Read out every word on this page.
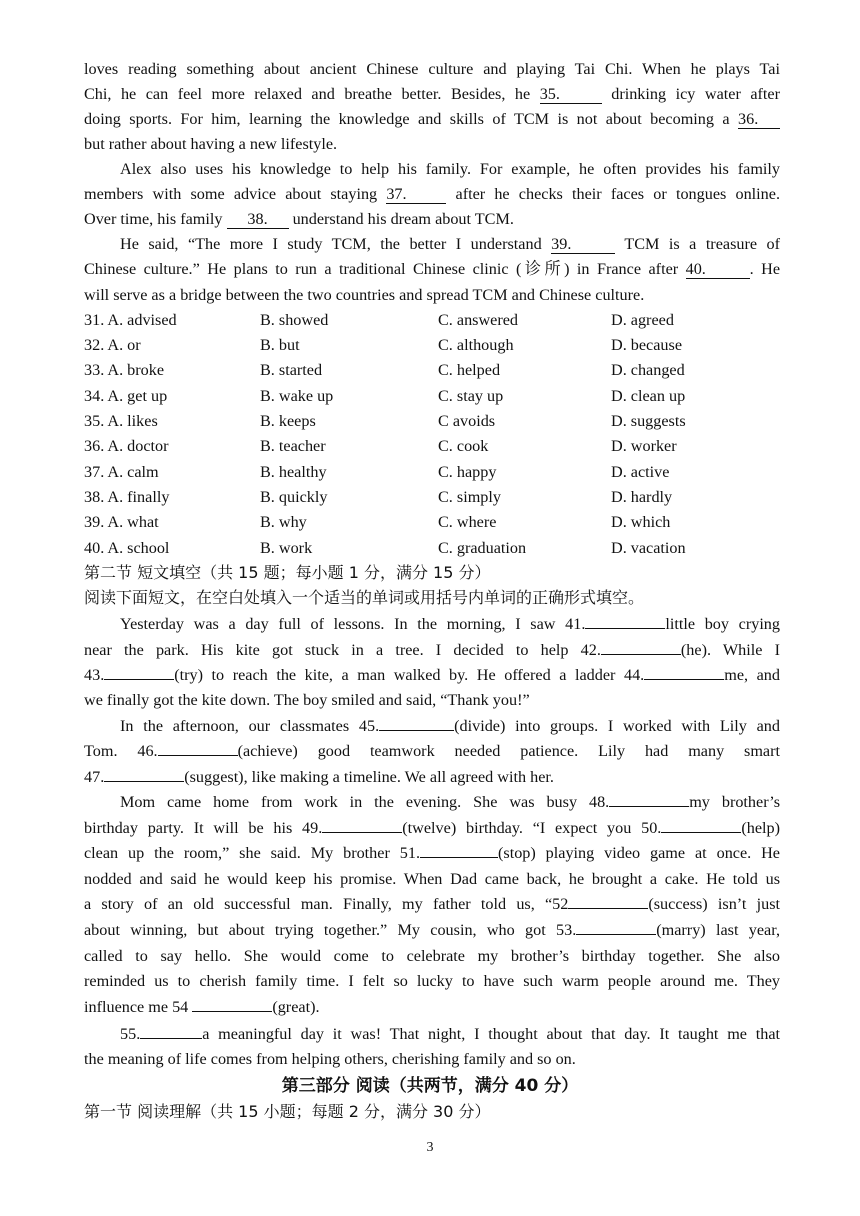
loves reading something about ancient Chinese culture and playing Tai Chi. When he plays Tai
Chi, he can feel more relaxed and breathe better. Besides, he 35.	drinking icy water after
doing sports. For him, learning the knowledge and skills of TCM is not about becoming a 36.
but rather about having a new lifestyle.
Alex also uses his knowledge to help his family. For example, he often provides his family
members with some advice about staying 37. after he checks their faces or tongues online.
Over time, his family 38. understand his dream about TCM.
He said, “The more I study TCM, the better I understand 39.	TCM is a treasure of
Chinese culture.” He plans to run a traditional Chinese clinic (诊所) in France after 40.	. He
will serve as a bridge between the two countries and spread TCM and Chinese culture.
31. A. advised	B. showed	C. answered	D. agreed
32. A. or	B. but	C. although	D. because
33. A. broke	B. started	C. helped	D. changed
34. A. get up	B. wake up	C. stay up	D. clean up
35. A. likes	B. keeps	C avoids	D. suggests
36. A. doctor	B. teacher	C. cook	D. worker
37. A. calm	B. healthy	C. happy	D. active
38. A. finally	B. quickly	C. simply	D. hardly
39. A. what	B. why	C. where	D. which
40. A. school	B. work	C. graduation	D. vacation
第二节 短文填空（共 15 题；每小题 1 分，满分 15 分）
阅读下面短文，在空白处填入一个适当的单词或用括号内单词的正确形式填空。
Yesterday was a day full of lessons. In the morning, I saw 41.	little boy crying
near the park. His kite got stuck in a tree. I decided to help 42.	(he). While I
43.	(try) to reach the kite, a man walked by. He offered a ladder 44.	me, and
we finally got the kite down. The boy smiled and said, “Thank you!”
In the afternoon, our classmates 45.	(divide) into groups. I worked with Lily and
Tom. 46.	(achieve) good teamwork needed patience. Lily had many smart
47.	(suggest), like making a timeline. We all agreed with her.
Mom came home from work in the evening. She was busy 48.	my brother’s
birthday party. It will be his 49.	(twelve) birthday. “I expect you 50.	(help)
clean up the room,” she said. My brother 51.	(stop) playing video game at once. He
nodded and said he would keep his promise. When Dad came back, he brought a cake. He told us
a story of an old successful man. Finally, my father told us, “52	(success) isn’t just
about winning, but about trying together.” My cousin, who got 53.	(marry) last year,
called to say hello. She would come to celebrate my brother’s birthday together. She also
reminded us to cherish family time. I felt so lucky to have such warm people around me. They
influence me 54	(great).
55.	a meaningful day it was! That night, I thought about that day. It taught me that
the meaning of life comes from helping others, cherishing family and so on.
第三部分 阅读（共两节，满分 40 分）
第一节 阅读理解（共 15 小题；每题 2 分，满分 30 分）
3
